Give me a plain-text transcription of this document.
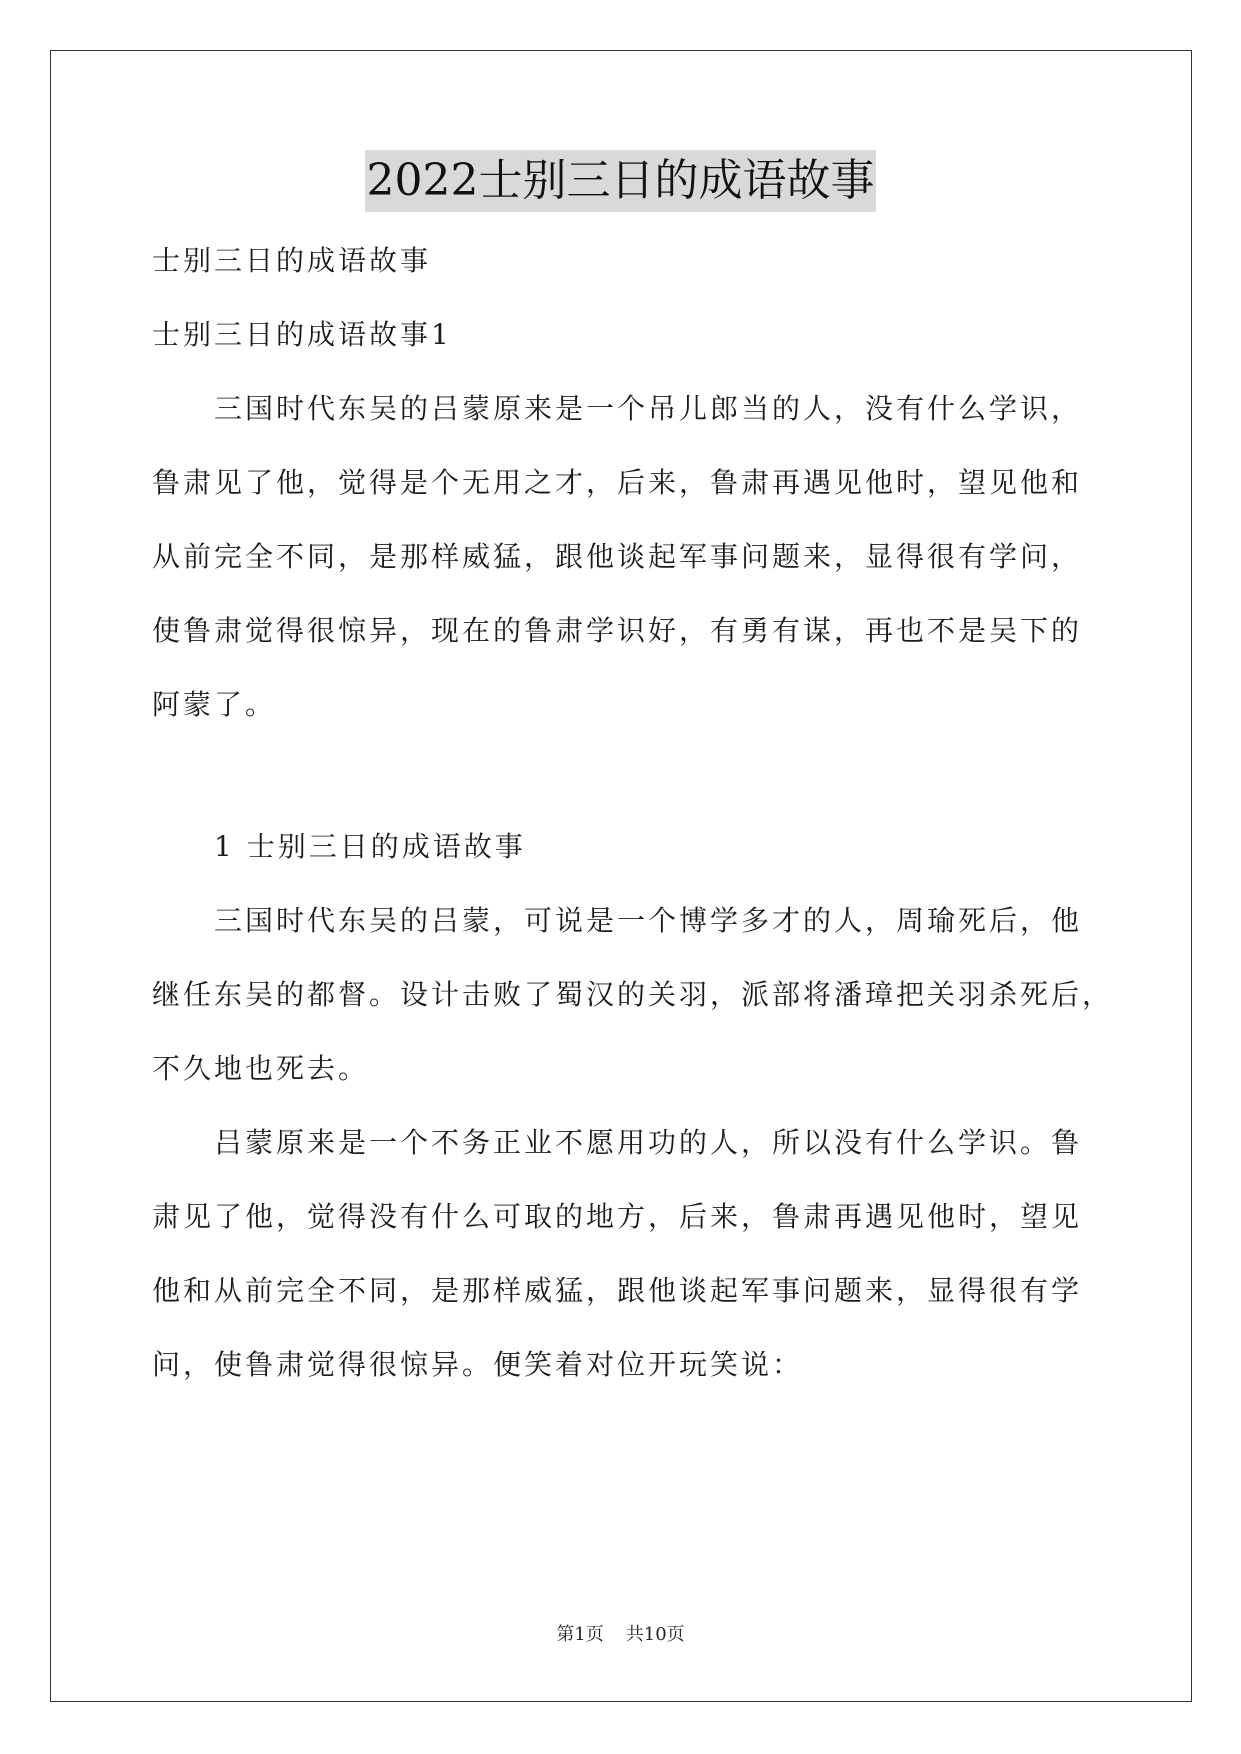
2022士别三日的成语故事
士别三日的成语故事
士别三日的成语故事1
三国时代东吴的吕蒙原来是一个吊儿郎当的人，没有什么学识，
鲁肃见了他，觉得是个无用之才，后来，鲁肃再遇见他时，望见他和
从前完全不同，是那样威猛，跟他谈起军事问题来，显得很有学问，
使鲁肃觉得很惊异，现在的鲁肃学识好，有勇有谋，再也不是吴下的
阿蒙了。
1 士别三日的成语故事
三国时代东吴的吕蒙，可说是一个博学多才的人，周瑜死后，他
继任东吴的都督。设计击败了蜀汉的关羽，派部将潘璋把关羽杀死后，
不久地也死去。
吕蒙原来是一个不务正业不愿用功的人，所以没有什么学识。鲁
肃见了他，觉得没有什么可取的地方，后来，鲁肃再遇见他时，望见
他和从前完全不同，是那样威猛，跟他谈起军事问题来，显得很有学
问，使鲁肃觉得很惊异。便笑着对位开玩笑说：
第1页 共10页
